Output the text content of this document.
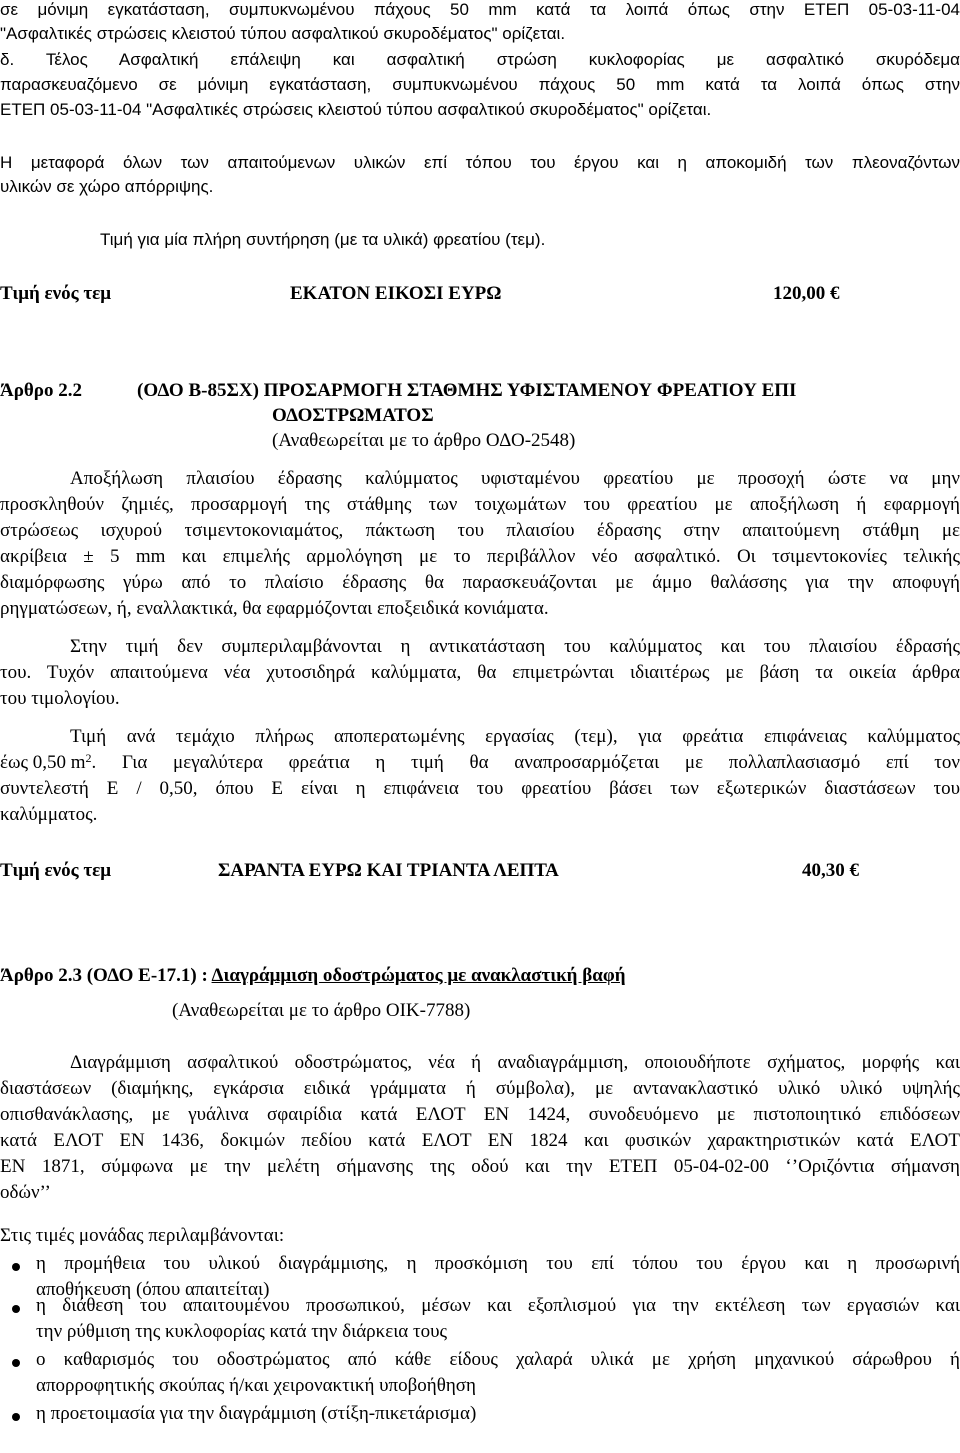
σε μόνιμη εγκατάσταση, συμπυκνωμένου πάχους 50 mm κατά τα λοιπά όπως στην ΕΤΕΠ 05-03-11-04
"Ασφαλτικές στρώσεις κλειστού τύπου ασφαλτικού σκυροδέματος" ορίζεται.
δ. Τέλος Ασφαλτική επάλειψη και ασφαλτική στρώση κυκλοφορίας με ασφαλτικό σκυρόδεμα
παρασκευαζόμενο σε μόνιμη εγκατάσταση, συμπυκνωμένου πάχους 50 mm κατά τα λοιπά όπως στην
ΕΤΕΠ 05-03-11-04 "Ασφαλτικές στρώσεις κλειστού τύπου ασφαλτικού σκυροδέματος" ορίζεται.
Η μεταφορά όλων των απαιτούμενων υλικών επί τόπου του έργου και η αποκομιδή των πλεοναζόντων
υλικών σε χώρο απόρριψης.
Τιμή για μία πλήρη συντήρηση (με τα υλικά) φρεατίου (τεμ).
Τιμή ενός τεμ	ΕΚΑΤΟΝ ΕΙΚΟΣΙ ΕΥΡΩ	120,00 €
Άρθρο 2.2	(ΟΔΟ Β-85ΣΧ) ΠΡΟΣΑΡΜΟΓΗ ΣΤΑΘΜΗΣ ΥΦΙΣΤΑΜΕΝΟΥ ΦΡΕΑΤΙΟΥ ΕΠΙ
ΟΔΟΣΤΡΩΜΑΤΟΣ
(Αναθεωρείται με το άρθρο ΟΔΟ-2548)
Αποξήλωση πλαισίου έδρασης καλύμματος υφισταμένου φρεατίου με προσοχή ώστε να μην
προσκληθούν ζημιές, προσαρμογή της στάθμης των τοιχωμάτων του φρεατίου με αποξήλωση ή εφαρμογή
στρώσεως ισχυρού τσιμεντοκονιαμάτος, πάκτωση του πλαισίου έδρασης στην απαιτούμενη στάθμη με
ακρίβεια ± 5 mm και επιμελής αρμολόγηση με το περιβάλλον νέο ασφαλτικό. Οι τσιμεντοκονίες τελικής
διαμόρφωσης γύρω από το πλαίσιο έδρασης θα παρασκευάζονται με άμμο θαλάσσης για την αποφυγή
ρηγματώσεων, ή, εναλλακτικά, θα εφαρμόζονται εποξειδικά κονιάματα.
Στην τιμή δεν συμπεριλαμβάνονται η αντικατάσταση του καλύμματος και του πλαισίου έδρασής
του. Τυχόν απαιτούμενα νέα χυτοσιδηρά καλύμματα, θα επιμετρώνται ιδιαιτέρως με βάση τα οικεία άρθρα
του τιμολογίου.
Τιμή ανά τεμάχιο πλήρως αποπερατωμένης εργασίας (τεμ), για φρεάτια επιφάνειας καλύμματος
έως 0,50 m 2 . Για μεγαλύτερα φρεάτια η τιμή θα αναπροσαρμόζεται με πολλαπλασιασμό επί τον
συντελεστή Ε / 0,50, όπου Ε είναι η επιφάνεια του φρεατίου βάσει των εξωτερικών διαστάσεων του
καλύμματος.
Τιμή ενός τεμ	ΣΑΡΑΝΤΑ ΕΥΡΩ ΚΑΙ ΤΡΙΑΝΤΑ ΛΕΠΤΑ	40,30 €
Άρθρο 2.3 (ΟΔΟ Ε-17.1) : Διαγράμμιση οδοστρώματος με ανακλαστική βαφή
(Αναθεωρείται με το άρθρο ΟΙΚ-7788)
Διαγράμμιση ασφαλτικού οδοστρώματος, νέα ή αναδιαγράμμιση, οποιουδήποτε σχήματος, μορφής και
διαστάσεων (διαμήκης, εγκάρσια ειδικά γράμματα ή σύμβολα), με αντανακλαστικό υλικό υλικό υψηλής
οπισθανάκλασης, με γυάλινα σφαιρίδια κατά ΕΛΟΤ ΕΝ 1424, συνοδευόμενο με πιστοποιητικό επιδόσεων
κατά ΕΛΟΤ ΕΝ 1436, δοκιμών πεδίου κατά ΕΛΟΤ ΕΝ 1824 και φυσικών χαρακτηριστικών κατά ΕΛΟΤ
ΕΝ 1871, σύμφωνα με την μελέτη σήμανσης της οδού και την ΕΤΕΠ 05-04-02-00 ‘’Οριζόντια σήμανση
οδών’’
Στις τιμές μονάδας περιλαμβάνονται:
η προμήθεια του υλικού διαγράμμισης, η προσκόμιση του επί τόπου του έργου και η προσωρινή
αποθήκευση (όπου απαιτείται)
η διάθεση του απαιτουμένου προσωπικού, μέσων και εξοπλισμού για την εκτέλεση των εργασιών και
την ρύθμιση της κυκλοφορίας κατά την διάρκεια τους
ο καθαρισμός του οδοστρώματος από κάθε είδους χαλαρά υλικά με χρήση μηχανικού σάρωθρου ή
απορροφητικής σκούπας ή/και χειρονακτική υποβοήθηση
η προετοιμασία για την διαγράμμιση (στίξη-πικετάρισμα)
